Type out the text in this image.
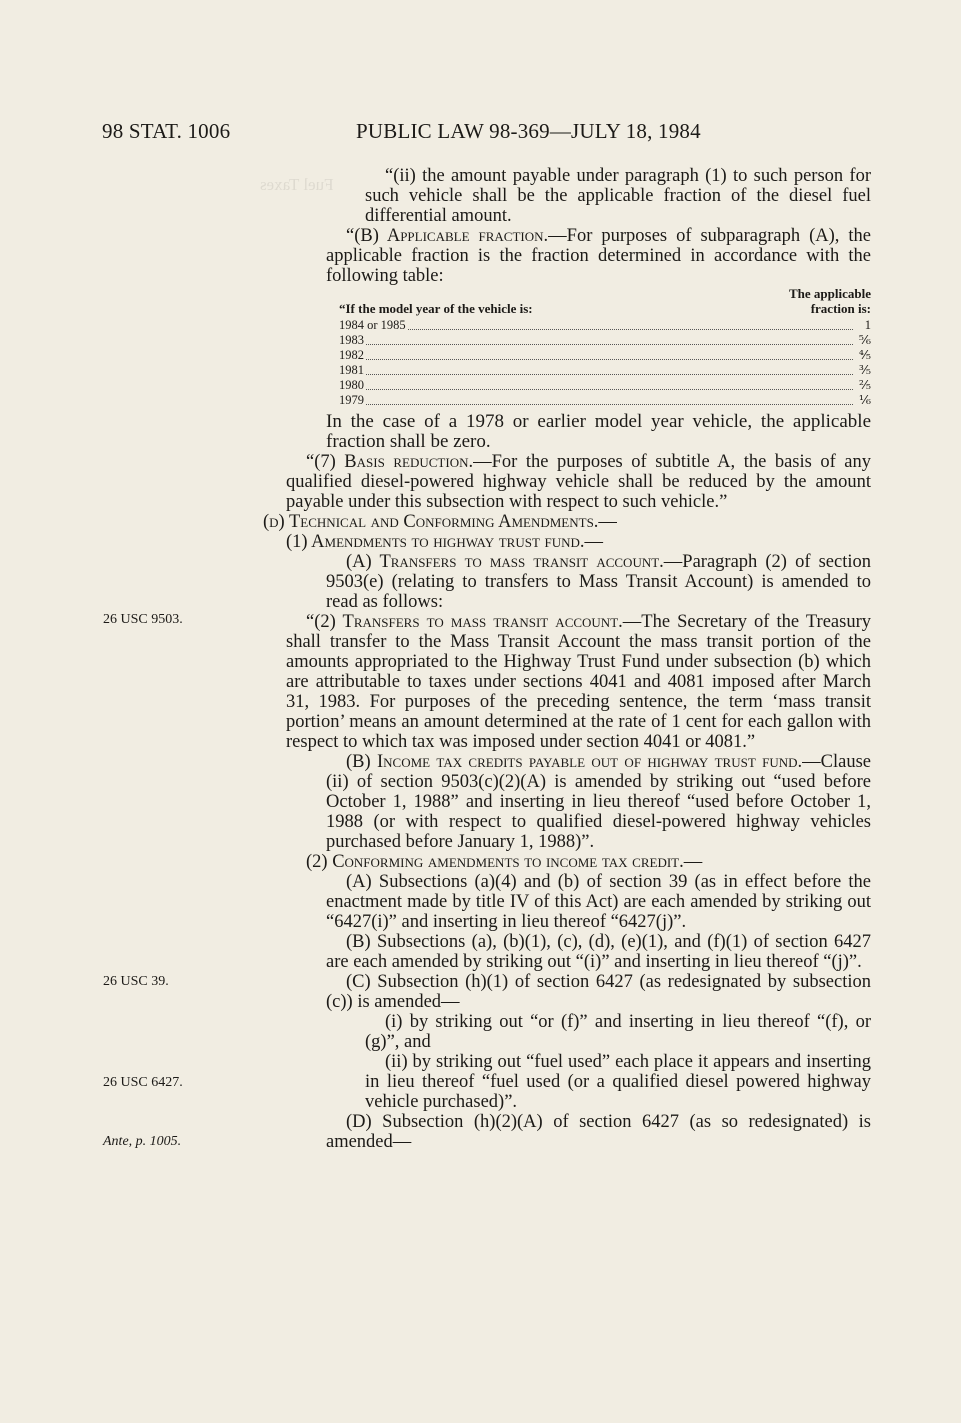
Fuel Taxes
98 STAT. 1006	PUBLIC LAW 98-369—JULY 18, 1984
26 USC 9503.
26 USC 39.
26 USC 6427.
Ante, p. 1005.

“(ii) the amount payable under paragraph (1) to such person for such vehicle shall be the applicable fraction of the diesel fuel differential amount.

“(B) Applicable fraction.—For purposes of subparagraph (A), the applicable fraction is the fraction determined in accordance with the following table:

The applicable
fraction is:
“If the model year of the vehicle is:
1984 or 1985	1
1983	⅚
1982	⅘
1981	⅗
1980	⅖
1979	⅙

In the case of a 1978 or earlier model year vehicle, the applicable fraction shall be zero.

“(7) Basis reduction.—For the purposes of subtitle A, the basis of any qualified diesel-powered highway vehicle shall be reduced by the amount payable under this subsection with respect to such vehicle.”

(d) Technical and Conforming Amendments.—

(1) Amendments to highway trust fund.—

(A) Transfers to mass transit account.—Paragraph (2) of section 9503(e) (relating to transfers to Mass Transit Account) is amended to read as follows:

“(2) Transfers to mass transit account.—The Secretary of the Treasury shall transfer to the Mass Transit Account the mass transit portion of the amounts appropriated to the Highway Trust Fund under subsection (b) which are attributable to taxes under sections 4041 and 4081 imposed after March 31, 1983. For purposes of the preceding sentence, the term ‘mass transit portion’ means an amount determined at the rate of 1 cent for each gallon with respect to which tax was imposed under section 4041 or 4081.”

(B) Income tax credits payable out of highway trust fund.—Clause (ii) of section 9503(c)(2)(A) is amended by striking out “used before October 1, 1988” and inserting in lieu thereof “used before October 1, 1988 (or with respect to qualified diesel-powered highway vehicles purchased before January 1, 1988)”.

(2) Conforming amendments to income tax credit.—

(A) Subsections (a)(4) and (b) of section 39 (as in effect before the enactment made by title IV of this Act) are each amended by striking out “6427(i)” and inserting in lieu thereof “6427(j)”.

(B) Subsections (a), (b)(1), (c), (d), (e)(1), and (f)(1) of section 6427 are each amended by striking out “(i)” and inserting in lieu thereof “(j)”.

(C) Subsection (h)(1) of section 6427 (as redesignated by subsection (c)) is amended—

(i) by striking out “or (f)” and inserting in lieu thereof “(f), or (g)”, and

(ii) by striking out “fuel used” each place it appears and inserting in lieu thereof “fuel used (or a qualified diesel powered highway vehicle purchased)”.

(D) Subsection (h)(2)(A) of section 6427 (as so redesignated) is amended—
